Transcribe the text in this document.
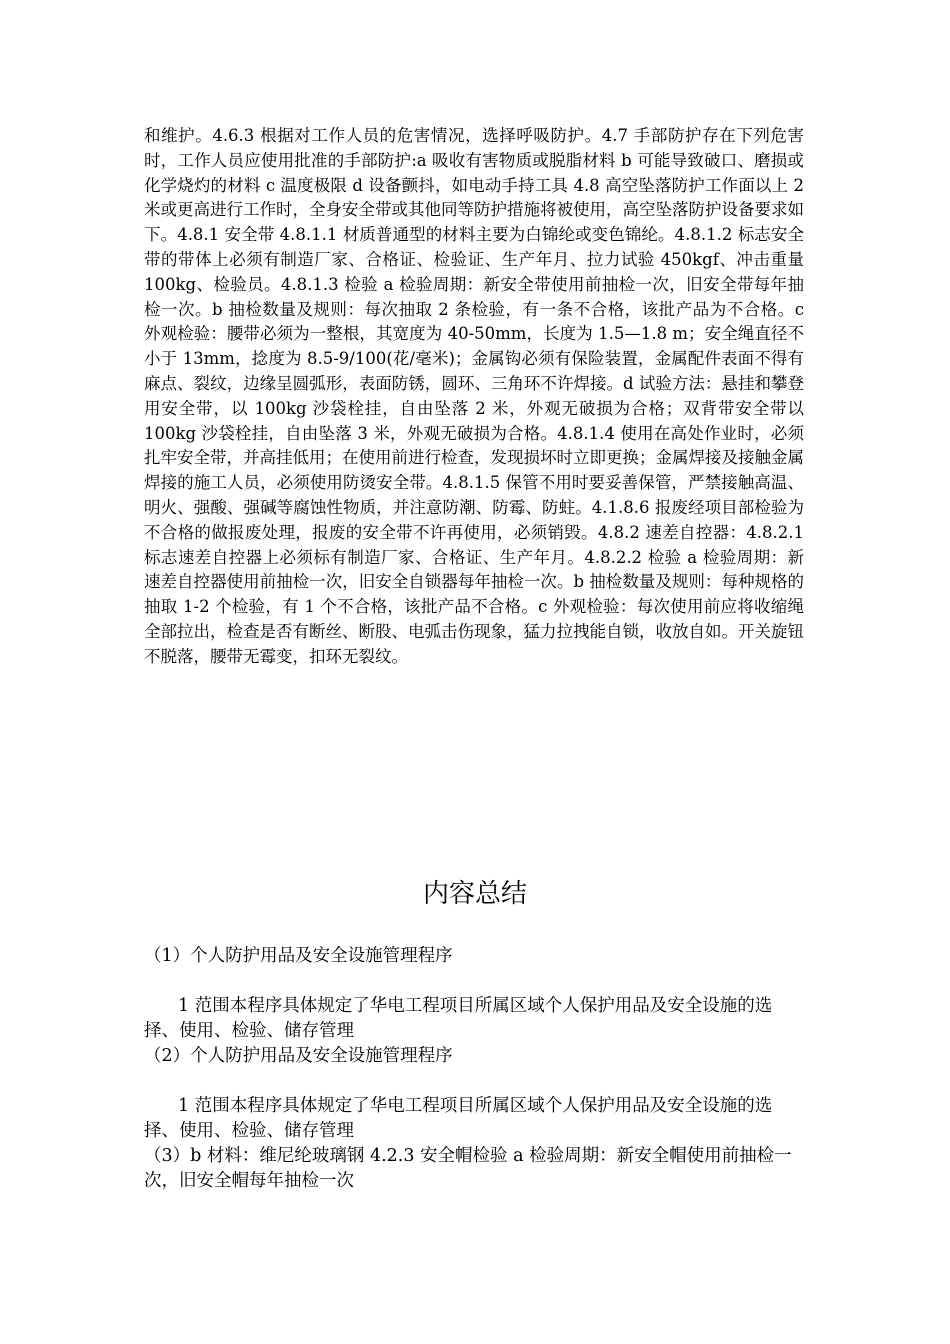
和维护。4.6.3 根据对工作人员的危害情况，选择呼吸防护。4.7 手部防护存在下列危害时，工作人员应使用批准的手部防护:a 吸收有害物质或脱脂材料 b 可能导致破口、磨损或化学烧灼的材料 c 温度极限 d 设备颤抖，如电动手持工具 4.8 高空坠落防护工作面以上 2 米或更高进行工作时，全身安全带或其他同等防护措施将被使用，高空坠落防护设备要求如下。4.8.1 安全带 4.8.1.1 材质普通型的材料主要为白锦纶或变色锦纶。4.8.1.2 标志安全带的带体上必须有制造厂家、合格证、检验证、生产年月、拉力试验 450kgf、冲击重量 100kg、检验员。4.8.1.3 检验 a 检验周期：新安全带使用前抽检一次，旧安全带每年抽检一次。b 抽检数量及规则：每次抽取 2 条检验，有一条不合格，该批产品为不合格。c 外观检验：腰带必须为一整根，其宽度为 40-50mm，长度为 1.5—1.8 m；安全绳直径不小于 13mm，捻度为 8.5-9/100(花/毫米)；金属钩必须有保险装置，金属配件表面不得有麻点、裂纹，边缘呈圆弧形，表面防锈，圆环、三角环不许焊接。d 试验方法：悬挂和攀登用安全带，以 100kg 沙袋栓挂，自由坠落 2 米，外观无破损为合格；双背带安全带以 100kg 沙袋栓挂，自由坠落 3 米，外观无破损为合格。4.8.1.4 使用在高处作业时，必须扎牢安全带，并高挂低用；在使用前进行检查，发现损坏时立即更换；金属焊接及接触金属焊接的施工人员，必须使用防烫安全带。4.8.1.5 保管不用时要妥善保管，严禁接触高温、明火、强酸、强碱等腐蚀性物质，并注意防潮、防霉、防蛀。4.1.8.6 报废经项目部检验为不合格的做报废处理，报废的安全带不许再使用，必须销毁。4.8.2 速差自控器：4.8.2.1 标志速差自控器上必须标有制造厂家、合格证、生产年月。4.8.2.2 检验 a 检验周期：新速差自控器使用前抽检一次，旧安全自锁器每年抽检一次。b 抽检数量及规则：每种规格的抽取 1-2 个检验，有 1 个不合格，该批产品不合格。c 外观检验：每次使用前应将收缩绳全部拉出，检查是否有断丝、断股、电弧击伤现象，猛力拉拽能自锁，收放自如。开关旋钮不脱落，腰带无霉变，扣环无裂纹。

内容总结

（1）个人防护用品及安全设施管理程序

1 范围本程序具体规定了华电工程项目所属区域个人保护用品及安全设施的选择、使用、检验、储存管理

（2）个人防护用品及安全设施管理程序

1 范围本程序具体规定了华电工程项目所属区域个人保护用品及安全设施的选择、使用、检验、储存管理

（3）b 材料：维尼纶玻璃钢 4.2.3 安全帽检验 a 检验周期：新安全帽使用前抽检一次，旧安全帽每年抽检一次
